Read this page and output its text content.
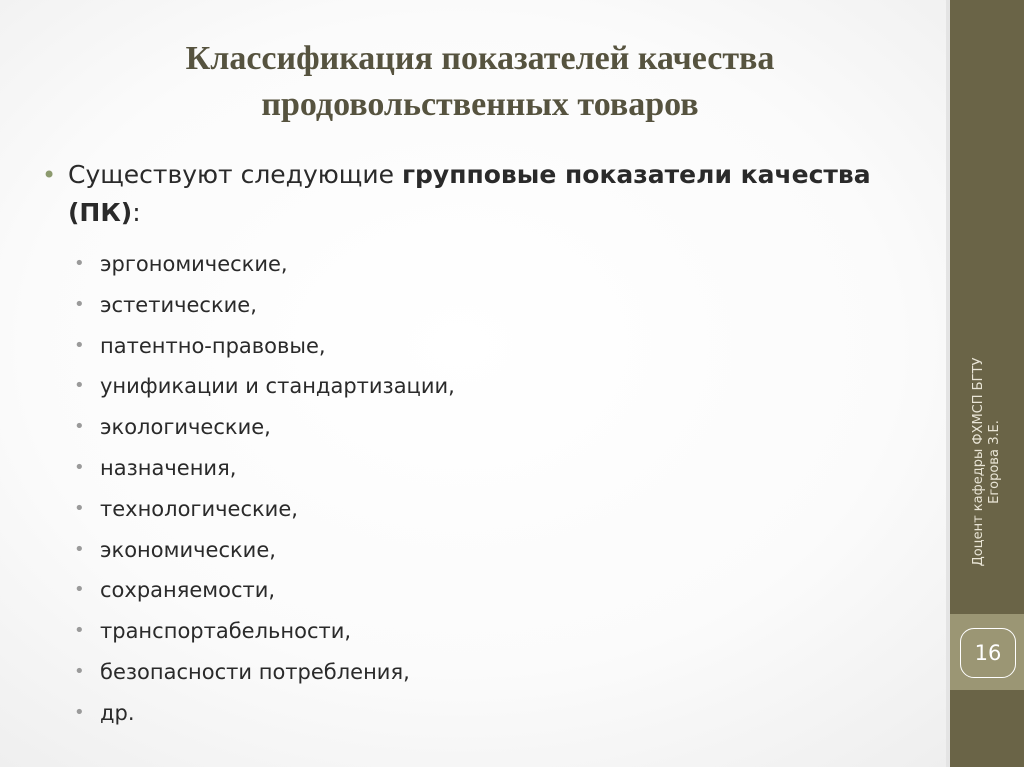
Классификация показателей качества продовольственных товаров
• Существуют следующие групповые показатели качества (ПК):
• эргономические,
• эстетические,
• патентно-правовые,
• унификации и стандартизации,
• экологические,
• назначения,
• технологические,
• экономические,
• сохраняемости,
• транспортабельности,
• безопасности потребления,
• др.
Доцент кафедры ФХМСП БГТУ Егорова З.Е.
16
